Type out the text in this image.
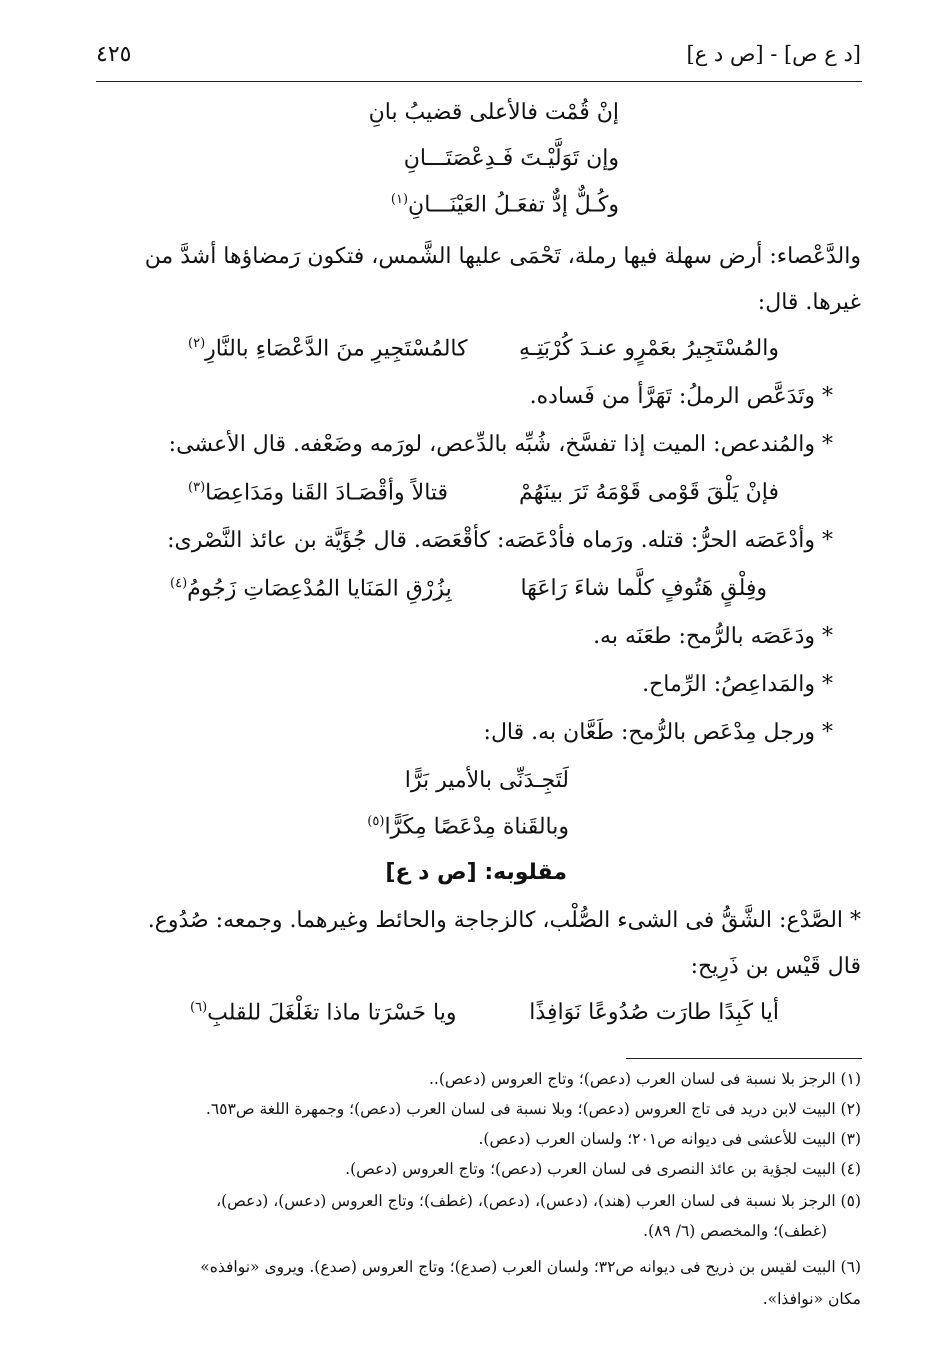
٤٢٥	[د ع ص] - [ص د ع]
إنْ قُمْت فالأعلى قضيبُ بانِ
وإن تَوَلَّيْـتَ فَـدِعْصَتَـــانِ
وكُـلٌّ إدٌّ تفعَـلُ العَيْنَـــانِ$^{(١)}$
والدَّعْصاء: أرض سهلة فيها رملة، تَحْمَى عليها الشَّمس، فتكون رَمضاؤها أشدَّ من
غيرها. قال:
والمُسْتَجِيرُ بعَمْرٍو عنـدَ كُرْبَتِـهِ
كالمُسْتَجِيرِ منَ الدَّعْصَاءِ بالنَّارِ$^{(٢)}$
* وتَدَعَّص الرملُ: تَهَرَّأ من فَساده.
* والمُندعص: الميت إذا تفسَّخ، شُبِّه بالدِّعص، لورَمه وضَعْفه. قال الأعشى:
فإنْ يَلْقَ قَوْمى قَوْمَهُ تَرَ بينَهُمْ
قتالاً وأقْصَـادَ القَنا ومَدَاعِصَا$^{(٣)}$
* وأدْعَصَه الحرُّ: قتله. ورَماه فأدْعَصَه: كأقْعَصَه. قال جُؤَيَّة بن عائذ النَّصْرى:
وفِلْقٍ هَتُوفٍ كلَّما شاءَ رَاعَهَا
بِزُرْقِ المَنَايا المُدْعِصَاتِ زَجُومُ$^{(٤)}$
* ودَعَصَه بالرُّمح: طعَنَه به.
* والمَداعِصُ: الرِّماح.
* ورجل مِدْعَص بالرُّمح: طَعَّان به. قال:
لَتَجِـدَنِّى بالأمير بَرًّا
وبالقَناة مِدْعَصًا مِكَرًّا$^{(٥)}$
مقلوبه: [ص د ع]
* الصَّدْع: الشَّقُّ فى الشىء الصُّلْب، كالزجاجة والحائط وغيرهما. وجمعه: صُدُوع.
قال قَيْس بن ذَرِيح:
أيا كَبِدًا طارَت صُدُوعًا نَوَافِذًا
ويا حَسْرَتا ماذا تغَلْغَلَ للقلبِ$^{(٦)}$
(١) الرجز بلا نسبة فى لسان العرب (دعص)؛ وتاج العروس (دعص)..
(٢) البيت لابن دريد فى تاج العروس (دعص)؛ وبلا نسبة فى لسان العرب (دعص)؛ وجمهرة اللغة ص٦٥٣.
(٣) البيت للأعشى فى ديوانه ص٢٠١؛ ولسان العرب (دعص).
(٤) البيت لجؤية بن عائذ النصرى فى لسان العرب (دعص)؛ وتاج العروس (دعص).
(٥) الرجز بلا نسبة فى لسان العرب (هند)، (دعس)، (دعص)، (غطف)؛ وتاج العروس (دعس)، (دعص)،
(غطف)؛ والمخصص (٦/ ٨٩).
(٦) البيت لقيس بن ذريح فى ديوانه ص٣٢؛ ولسان العرب (صدع)؛ وتاج العروس (صدع). ويروى «نوافذه»
مكان «نوافذا».
